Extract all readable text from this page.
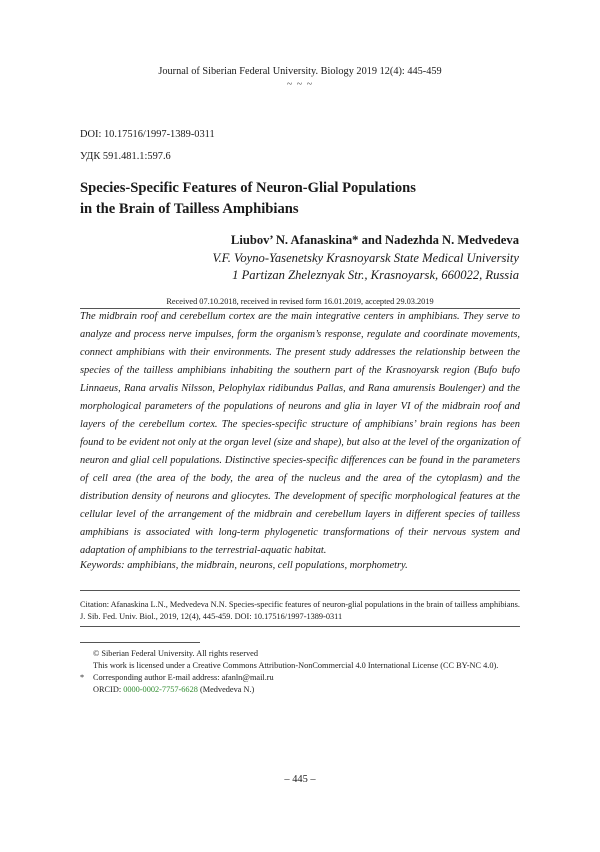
Journal of Siberian Federal University. Biology 2019 12(4): 445-459
~ ~ ~
DOI: 10.17516/1997-1389-0311
УДК 591.481.1:597.6
Species-Specific Features of Neuron-Glial Populations
in the Brain of Tailless Amphibians
Liubov’ N. Afanaskina* and Nadezhda N. Medvedeva
V.F. Voyno-Yasenetsky Krasnoyarsk State Medical University
1 Partizan Zheleznyak Str., Krasnoyarsk, 660022, Russia
Received 07.10.2018, received in revised form 16.01.2019, accepted 29.03.2019
The midbrain roof and cerebellum cortex are the main integrative centers in amphibians. They serve to analyze and process nerve impulses, form the organism’s response, regulate and coordinate movements, connect amphibians with their environments. The present study addresses the relationship between the species of the tailless amphibians inhabiting the southern part of the Krasnoyarsk region (Bufo bufo Linnaeus, Rana arvalis Nilsson, Pelophylax ridibundus Pallas, and Rana amurensis Boulenger) and the morphological parameters of the populations of neurons and glia in layer VI of the midbrain roof and layers of the cerebellum cortex. The species-specific structure of amphibians’ brain regions has been found to be evident not only at the organ level (size and shape), but also at the level of the organization of neuron and glial cell populations. Distinctive species-specific differences can be found in the parameters of cell area (the area of the body, the area of the nucleus and the area of the cytoplasm) and the distribution density of neurons and gliocytes. The development of specific morphological features at the cellular level of the arrangement of the midbrain and cerebellum layers in different species of tailless amphibians is associated with long-term phylogenetic transformations of their nervous system and adaptation of amphibians to the terrestrial-aquatic habitat.
Keywords: amphibians, the midbrain, neurons, cell populations, morphometry.
Citation: Afanaskina L.N., Medvedeva N.N. Species-specific features of neuron-glial populations in the brain of tailless amphibians. J. Sib. Fed. Univ. Biol., 2019, 12(4), 445-459. DOI: 10.17516/1997-1389-0311
© Siberian Federal University. All rights reserved
This work is licensed under a Creative Commons Attribution-NonCommercial 4.0 International License (CC BY-NC 4.0).
* Corresponding author E-mail address: afanln@mail.ru
ORCID: 0000-0002-7757-6628 (Medvedeva N.)
– 445 –
